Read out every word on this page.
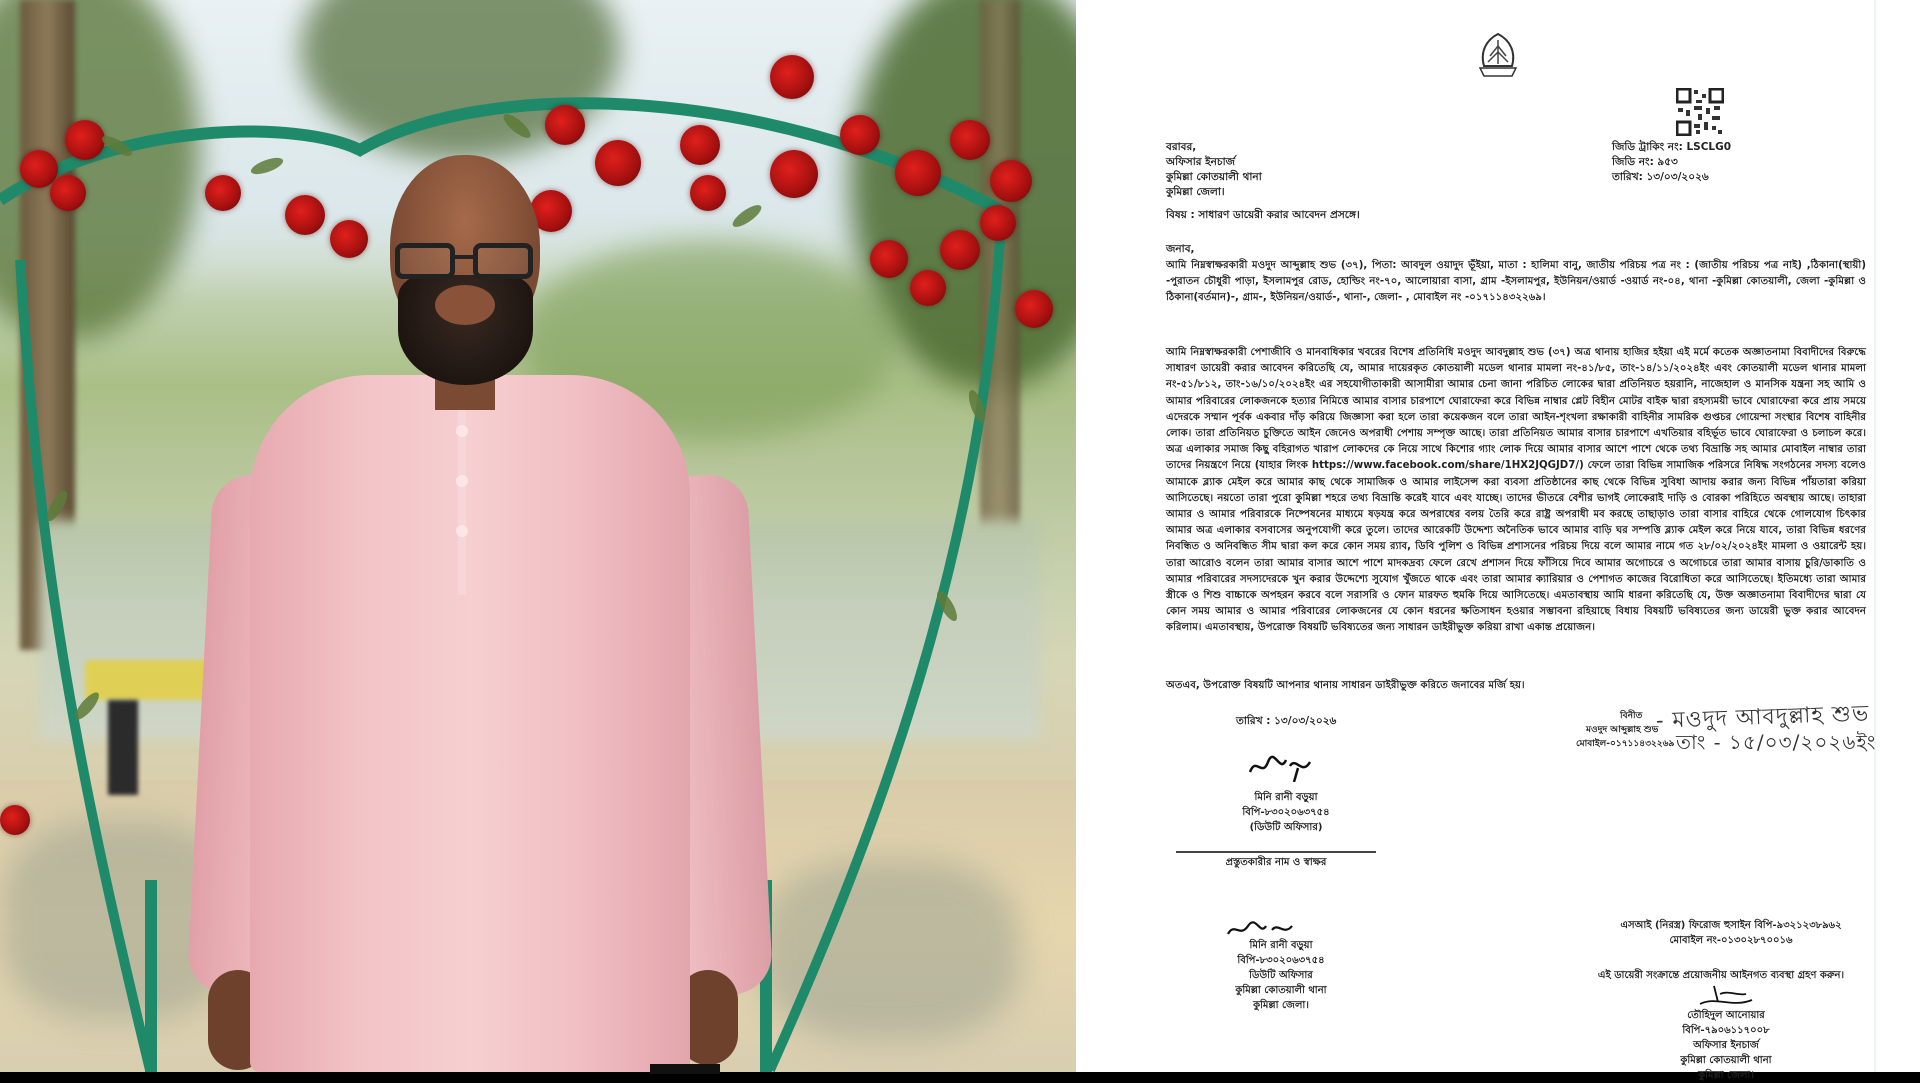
জিডি ট্রাকিং নং: LSCLG0
জিডি নং: ৯৫৩
তারিখ: ১৩/০৩/২০২৬
বরাবর,
অফিসার ইনচার্জ
কুমিল্লা কোতয়ালী থানা
কুমিল্লা জেলা।
বিষয় : সাধারণ ডায়েরী করার আবেদন প্রসঙ্গে।
জনাব,
আমি নিম্নস্বাক্ষরকারী মওদুদ আব্দুল্লাহ শুভ (৩৭), পিতা: আবদুল ওয়াদুদ ভূঁইয়া, মাতা : হালিমা বানু, জাতীয় পরিচয় পত্র নং : (জাতীয় পরিচয় পত্র নাই) ,ঠিকানা(স্থায়ী) -পুরাতন চৌধুরী পাড়া, ইসলামপুর রোড, হোল্ডিং নং-৭০, আলোয়ারা বাসা, গ্রাম -ইসলামপুর, ইউনিয়ন/ওয়ার্ড -ওয়ার্ড নং-০৪, থানা -কুমিল্লা কোতয়ালী, জেলা -কুমিল্লা ও ঠিকানা(বর্তমান)-, গ্রাম-, ইউনিয়ন/ওয়ার্ড-, থানা-, জেলা- , মোবাইল নং -০১৭১১৪৩২২৬৯।

আমি নিম্নস্বাক্ষরকারী পেশাজীবি ও মানবাধিকার খবরের বিশেষ প্রতিনিধি মওদুদ আবদুল্লাহ শুভ (৩৭) অত্র থানায় হাজির হইয়া এই মর্মে কতেক অজ্ঞাতনামা বিবাদীদের বিরুদ্ধে সাধারণ ডায়েরী করার আবেদন করিতেছি যে, আমার দায়েরকৃত কোতয়ালী মডেল থানার মামলা নং-৪১/৮৫, তাং-১৪/১১/২০২৪ইং এবং কোতয়ালী মডেল থানার মামলা নং-৫১/৮১২, তাং-১৬/১০/২০২৪ইং এর সহযোগীতাকারী আসামীরা আমার চেনা জানা পরিচিত লোকের দ্বারা প্রতিনিয়ত হয়রানি, নাজেহাল ও মানসিক যন্ত্রনা সহ আমি ও আমার পরিবারের লোকজনকে হত্যার নিমিত্তে আমার বাসার চারপাশে ঘোরাফেরা করে বিভিন্ন নাম্বার প্লেট বিহীন মোটর বাইক দ্বারা রহস্যময়ী ভাবে ঘোরাফেরা করে প্রায় সময়ে এদেরকে সম্মান পূর্বক একবার দাঁড় করিয়ে জিজ্ঞাসা করা হলে তারা কয়েকজন বলে তারা আইন-শৃংখলা রক্ষাকারী বাহিনীর সামরিক গুপ্তচর গোয়েন্দা সংস্থার বিশেষ বাহিনীর লোক। তারা প্রতিনিয়ত চুক্তিতে আইন জেনেও অপরাধী পেশায় সম্পৃক্ত আছে। তারা প্রতিনিয়ত আমার বাসার চারপাশে এখতিয়ার বহির্ভূত ভাবে ঘোরাফেরা ও চলাচল করে। অত্র এলাকার সমাজ কিছু বহিরাগত খারাপ লোকদের কে নিয়ে সাথে কিশোর গ্যাং লোক দিয়ে আমার বাসার আশে পাশে থেকে তথ্য বিভ্রান্তি সহ আমার মোবাইল নাম্বার তারা তাদের নিয়ন্ত্রণে নিয়ে (যাহার লিংক https://www.facebook.com/share/1HX2JQGJD7/) ফেলে তারা বিভিন্ন সামাজিক পরিসরে নিষিদ্ধ সংগঠনের সদস্য বলেও আমাকে ব্ল্যাক মেইল করে আমার কাছ থেকে সামাজিক ও আমার লাইসেন্স করা ব্যবসা প্রতিষ্ঠানের কাছ থেকে বিভিন্ন সুবিধা আদায় করার জন্য বিভিন্ন পাঁয়তারা করিয়া আসিতেছে। নয়তো তারা পুরো কুমিল্লা শহরে তথ্য বিভ্রান্তি করেই যাবে এবং যাচ্ছে। তাদের ভীতরে বেশীর ভাগই লোকেরাই দাড়ি ও বোরকা পরিহিতে অবস্থায় আছে। তাহারা আমার ও আমার পরিবারকে নিষ্পেষনের মাধ্যমে ষড়যন্ত্র করে অপরাধের বলয় তৈরি করে রাষ্ট্র অপরাধী মব করছে তাছাড়াও তারা বাসার বাহিরে থেকে গোলযোগ চিৎকার আমার অত্র এলাকার বসবাসের অনুপযোগী করে তুলে। তাদের আরেকটি উদ্দেশ্য অনৈতিক ভাবে আমার বাড়ি ঘর সম্পত্তি ব্ল্যাক মেইল করে নিয়ে যাবে, তারা বিভিন্ন ধরণের নিবন্ধিত ও অনিবন্ধিত সীম দ্বারা কল করে কোন সময় র‍্যাব, ডিবি পুলিশ ও বিভিন্ন প্রশাসনের পরিচয় দিয়ে বলে আমার নামে গত ২৮/০২/২০২৪ইং মামলা ও ওয়ারেন্ট হয়। তারা আরোও বলেন তারা আমার বাসার আশে পাশে মাদকদ্রব্য ফেলে রেখে প্রশাসন দিয়ে ফাঁসিয়ে দিবে আমার অগোচরে ও অগোচরে তারা আমার বাসায় চুরি/ডাকাতি ও আমার পরিবারের সদস্যদেরকে খুন করার উদ্দেশ্যে সুযোগ খুঁজতে থাকে এবং তারা আমার ক্যারিয়ার ও পেশাগত কাজের বিরোধিতা করে আসিতেছে। ইতিমধ্যে তারা আমার স্ত্রীকে ও শিশু বাচ্চাকে অপহরন করবে বলে সরাসরি ও ফোন মারফত হুমকি দিয়ে আসিতেছে। এমতাবস্থায় আমি ধারনা করিতেছি যে, উক্ত অজ্ঞাতনামা বিবাদীদের দ্বারা যে কোন সময় আমার ও আমার পরিবারের লোকজনের যে কোন ধরনের ক্ষতিসাধন হওয়ার সম্ভাবনা রহিয়াছে বিধায় বিষয়টি ভবিষ্যতের জন্য ডায়েরী ভুক্ত করার আবেদন করিলাম। এমতাবস্থায়, উপরোক্ত বিষয়টি ভবিষ্যতের জন্য সাধারন ডাইরীভুক্ত করিয়া রাখা একান্ত প্রয়োজন।

অতএব, উপরোক্ত বিষয়টি আপনার থানায় সাধারন ডাইরীভুক্ত করিতে জনাবের মর্জি হয়।
তারিখ : ১৩/০৩/২০২৬
মিনি রানী বড়ুয়া
বিপি-৮৩০২০৬৩৭৫৪
(ডিউটি অফিসার)
প্রস্তুতকারীর নাম ও স্বাক্ষর
বিনীত
মওদুদ আব্দুল্লাহ শুভ
মোবাইল-০১৭১১৪৩২২৬৯
- মওদুদ আবদুল্লাহ শুভ
তাং - ১৫/০৩/২০২৬ইং
মিনি রানী বড়ুয়া
বিপি-৮৩০২০৬৩৭৫৪
ডিউটি অফিসার
কুমিল্লা কোতয়ালী থানা
কুমিল্লা জেলা।
এসআই (নিরস্ত্র) ফিরোজ হুসাইন বিপি-৯৩২১২৩৮৯৬২
মোবাইল নং-০১৩০২৮৭০০১৬
এই ডায়েরী সংক্রান্তে প্রয়োজনীয় আইনগত ব্যবস্থা গ্রহণ করুন।
তৌহিদুল আনোয়ার
বিপি-৭৯০৬১১৭০০৮
অফিসার ইনচার্জ
কুমিল্লা কোতয়ালী থানা
কুমিল্লা জেলা।
